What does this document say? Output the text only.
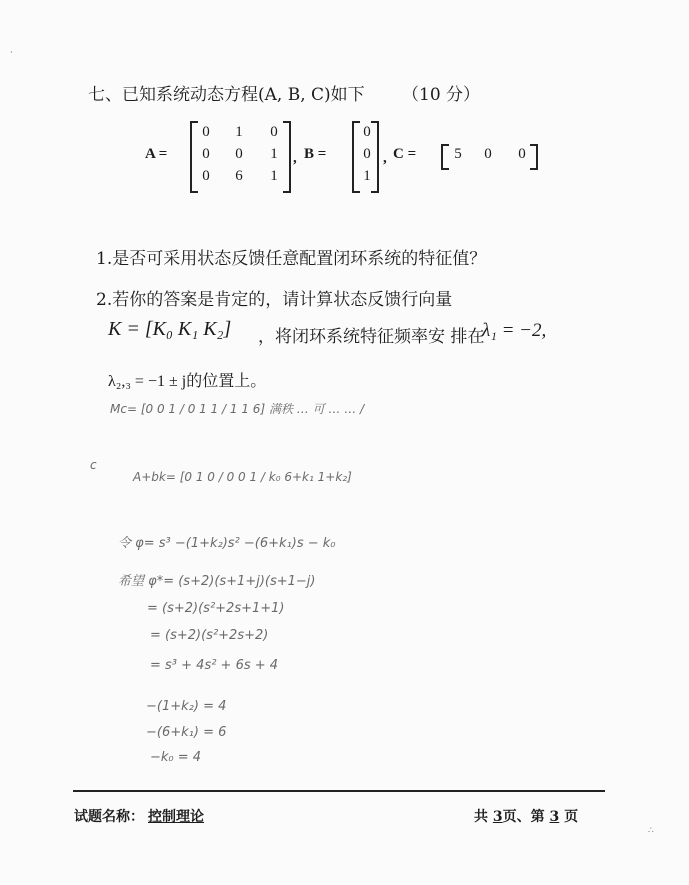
七、已知系统动态方程(A, B, C)如下 （10 分）
A =
0	1	0
0	0	1
0	6	1
, B =
0
0
1
, C =	5	0	0
1.是否可采用状态反馈任意配置闭环系统的特征值？
2.若你的答案是肯定的，请计算状态反馈行向量
K = [K₀ K₁ K₂] ，将闭环系统特征频率安 排在
λ₁ = −2,
λ₂,₃ = −1 ± j的位置上。
Mc= [0 0 1 / 0 1 1 / 1 1 6] 满秩 … 可 … … /
c
A+bk= [0 1 0 / 0 0 1 / k₀ 6+k₁ 1+k₂]
令 φ= s³ −(1+k₂)s² −(6+k₁)s − k₀
希望 φ*= (s+2)(s+1+j)(s+1−j)
= (s+2)(s²+2s+1+1)
= (s+2)(s²+2s+2)
= s³ + 4s² + 6s + 4
−(1+k₂) = 4
−(6+k₁) = 6
−k₀ = 4
试题名称： 控制理论	共 3页、第 3 页
·
∴
